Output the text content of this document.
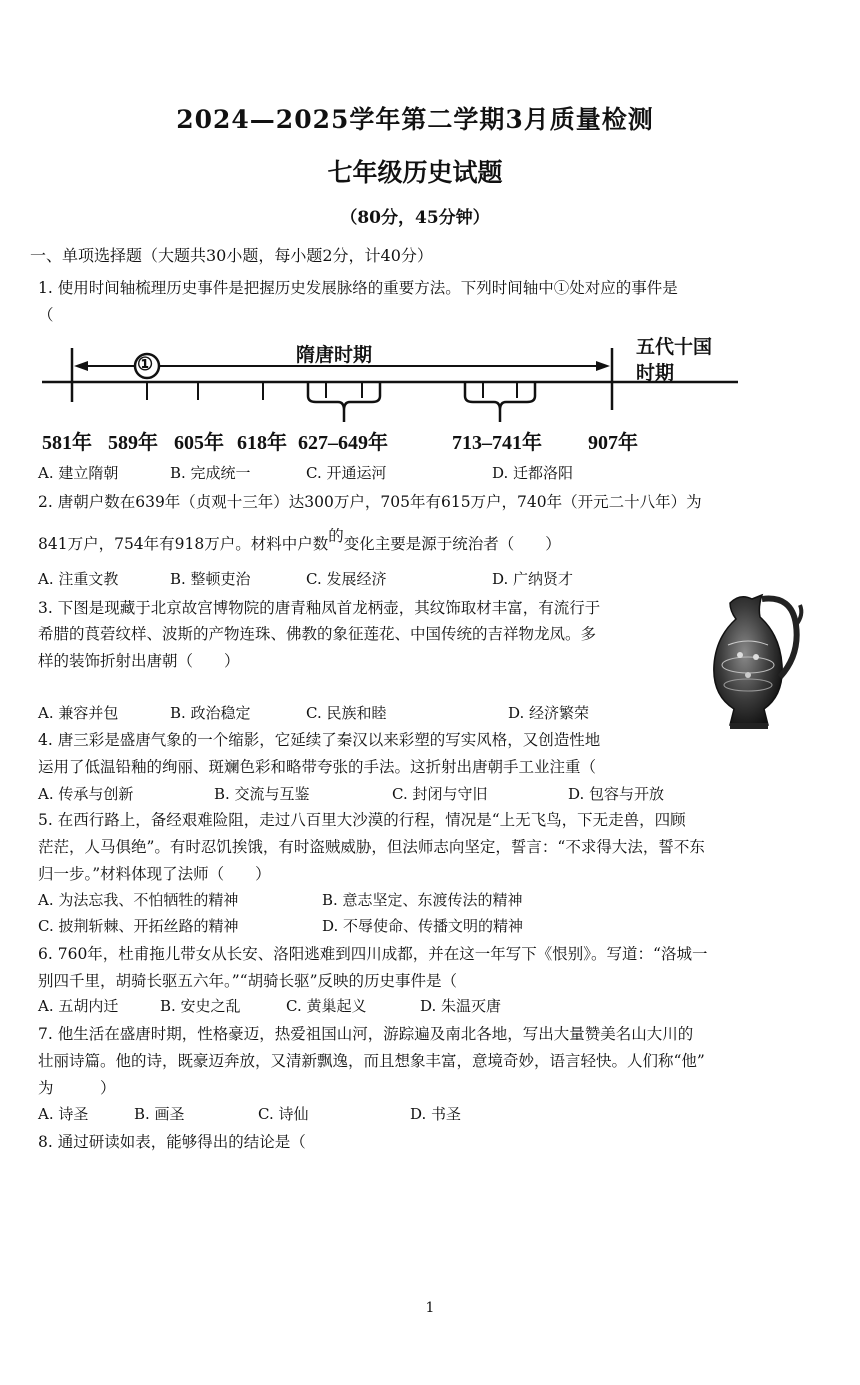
2024—2025学年第二学期3月质量检测
七年级历史试题
（80分，45分钟）
一、单项选择题（大题共30小题，每小题2分，计40分）
1. 使用时间轴梳理历史事件是把握历史发展脉络的重要方法。下列时间轴中①处对应的事件是
（
①	隋唐时期	五代十国
时期
581年 589年 605年 618年 627–649年	713–741年 907年
A. 建立隋朝	B. 完成统一	C. 开通运河	D. 迁都洛阳
2. 唐朝户数在639年（贞观十三年）达300万户，705年有615万户，740年（开元二十八年）为
841万户，754年有918万户。材料中户数的变化主要是源于统治者（　　）
A. 注重文教	B. 整顿吏治	C. 发展经济	D. 广纳贤才
3. 下图是现藏于北京故宫博物院的唐青釉凤首龙柄壶，其纹饰取材丰富，有流行于
希腊的莨菪纹样、波斯的产物连珠、佛教的象征莲花、中国传统的吉祥物龙凤。多
样的装饰折射出唐朝（　　）
A. 兼容并包	B. 政治稳定	C. 民族和睦	D. 经济繁荣
4. 唐三彩是盛唐气象的一个缩影，它延续了秦汉以来彩塑的写实风格，又创造性地
运用了低温铅釉的绚丽、斑斓色彩和略带夸张的手法。这折射出唐朝手工业注重（
A. 传承与创新	B. 交流与互鉴	C. 封闭与守旧	D. 包容与开放
5. 在西行路上，备经艰难险阻，走过八百里大沙漠的行程，情况是“上无飞鸟，下无走兽，四顾
茫茫，人马俱绝”。有时忍饥挨饿，有时盗贼威胁，但法师志向坚定，誓言：“不求得大法，誓不东
归一步。”材料体现了法师（　　）
A. 为法忘我、不怕牺牲的精神	B. 意志坚定、东渡传法的精神
C. 披荆斩棘、开拓丝路的精神	D. 不辱使命、传播文明的精神
6. 760年，杜甫拖儿带女从长安、洛阳逃难到四川成都，并在这一年写下《恨别》。写道：“洛城一
别四千里，胡骑长驱五六年。”“胡骑长驱”反映的历史事件是（
A. 五胡内迁	B. 安史之乱	C. 黄巢起义	D. 朱温灭唐
7. 他生活在盛唐时期，性格豪迈，热爱祖国山河，游踪遍及南北各地，写出大量赞美名山大川的
壮丽诗篇。他的诗，既豪迈奔放，又清新飘逸，而且想象丰富，意境奇妙，语言轻快。人们称“他”
为　　　）
A. 诗圣	B. 画圣	C. 诗仙	D. 书圣
8. 通过研读如表，能够得出的结论是（
1
